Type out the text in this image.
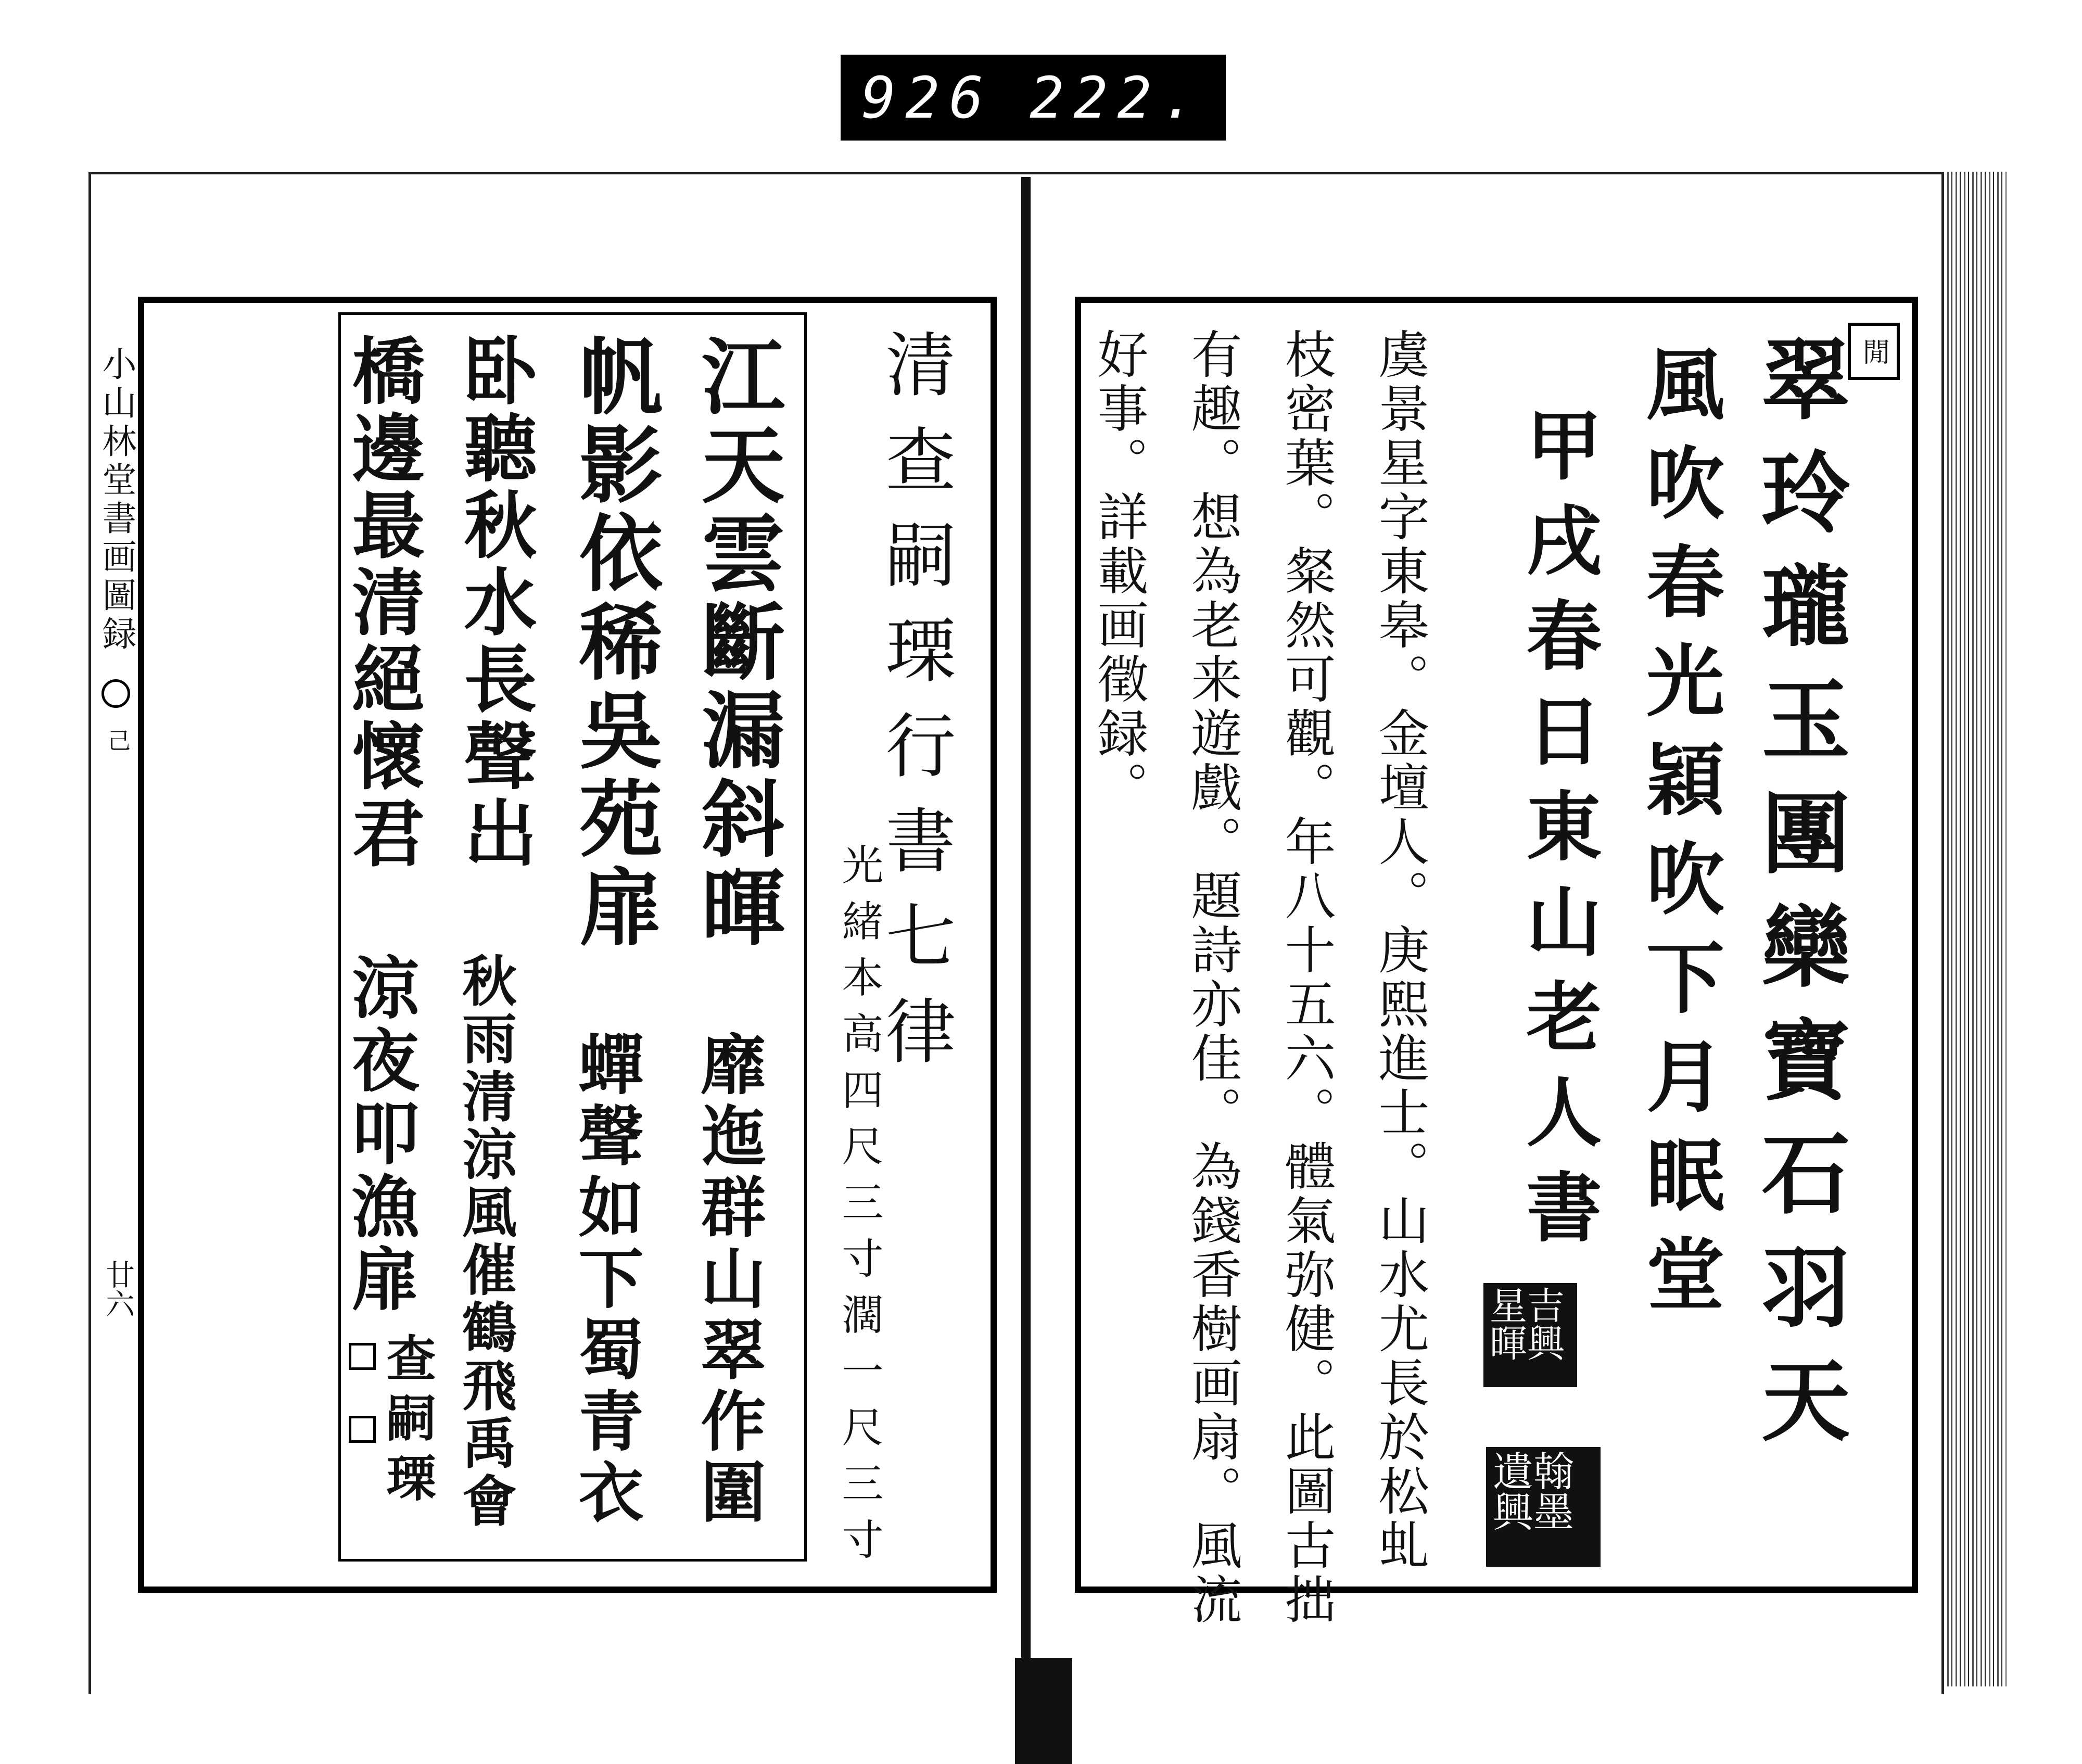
926 222.
小山林堂書画圖録
己
廿六
清查嗣瑮行書七律
光緒本高四尺三寸濶一尺三寸
江天雲斷漏斜暉
靡迤群山翠作圍
帆影依稀吳苑扉
蟬聲如下蜀青衣
卧聽秋水長聲出
秋雨清涼風催鶴飛禹會
橋邊最清絕懷君
涼夜叩漁扉
查嗣瑮
閒
翠玲瓏玉團欒寶石羽天
風吹春光穎吹下月眠堂
甲戌春日東山老人書
吉興星暉
翰墨遺興
虞景星字東皋。金壇人。庚熙進士。山水尤長於松虬
枝密葉。粲然可觀。年八十五六。體氣弥健。此圖古拙
有趣。想為老来遊戲。題詩亦佳。為錢香樹画扇。風流
好事。詳載画徵録。
